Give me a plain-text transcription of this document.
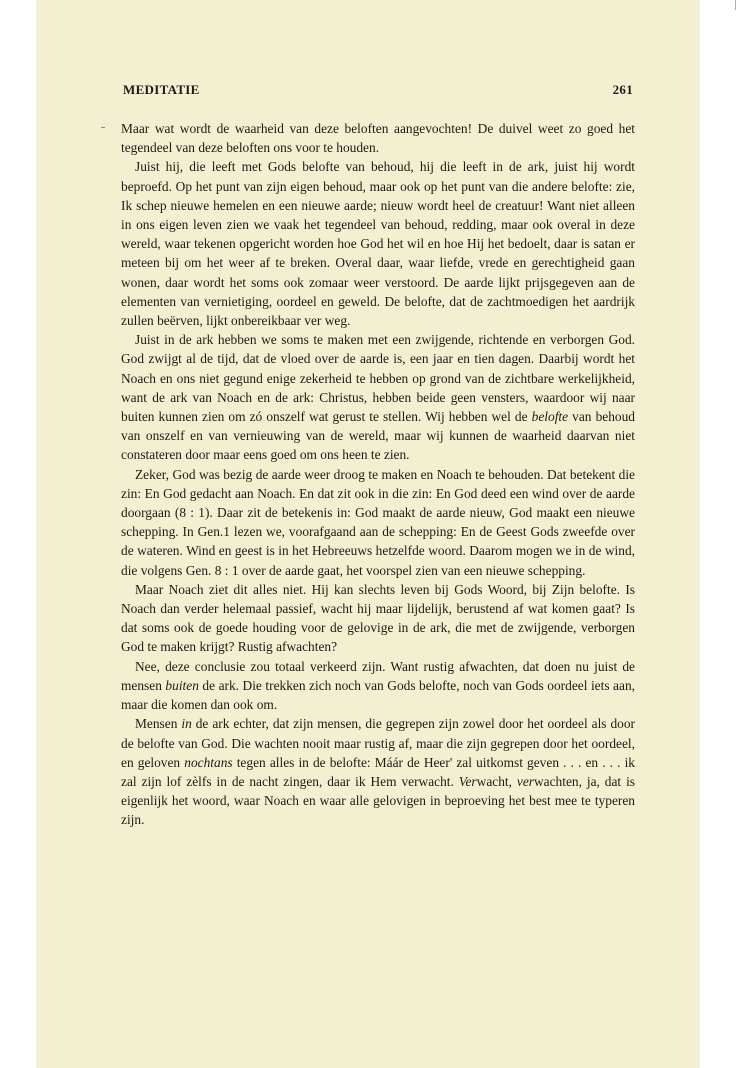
MEDITATIE	261

Maar wat wordt de waarheid van deze beloften aangevochten! De duivel weet zo goed het tegendeel van deze beloften ons voor te houden.

Juist hij, die leeft met Gods belofte van behoud, hij die leeft in de ark, juist hij wordt beproefd. Op het punt van zijn eigen behoud, maar ook op het punt van die andere belofte: zie, Ik schep nieuwe hemelen en een nieuwe aarde; nieuw wordt heel de creatuur! Want niet alleen in ons eigen leven zien we vaak het tegendeel van behoud, redding, maar ook overal in deze wereld, waar tekenen opgericht worden hoe God het wil en hoe Hij het bedoelt, daar is satan er meteen bij om het weer af te breken. Overal daar, waar liefde, vrede en gerechtigheid gaan wonen, daar wordt het soms ook zomaar weer verstoord. De aarde lijkt prijsgegeven aan de elementen van vernietiging, oordeel en geweld. De belofte, dat de zachtmoedigen het aardrijk zullen beërven, lijkt onbereikbaar ver weg.

Juist in de ark hebben we soms te maken met een zwijgende, richtende en verborgen God. God zwijgt al de tijd, dat de vloed over de aarde is, een jaar en tien dagen. Daarbij wordt het Noach en ons niet gegund enige zekerheid te hebben op grond van de zichtbare werkelijkheid, want de ark van Noach en de ark: Christus, hebben beide geen vensters, waardoor wij naar buiten kunnen zien om zó onszelf wat gerust te stellen. Wij hebben wel de belofte van behoud van onszelf en van vernieuwing van de wereld, maar wij kunnen de waarheid daarvan niet constateren door maar eens goed om ons heen te zien.

Zeker, God was bezig de aarde weer droog te maken en Noach te behouden. Dat betekent die zin: En God gedacht aan Noach. En dat zit ook in die zin: En God deed een wind over de aarde doorgaan (8 : 1). Daar zit de betekenis in: God maakt de aarde nieuw, God maakt een nieuwe schepping. In Gen.1 lezen we, voorafgaand aan de schepping: En de Geest Gods zweefde over de wateren. Wind en geest is in het Hebreeuws hetzelfde woord. Daarom mogen we in de wind, die volgens Gen. 8 : 1 over de aarde gaat, het voorspel zien van een nieuwe schepping.

Maar Noach ziet dit alles niet. Hij kan slechts leven bij Gods Woord, bij Zijn belofte. Is Noach dan verder helemaal passief, wacht hij maar lijdelijk, berustend af wat komen gaat? Is dat soms ook de goede houding voor de gelovige in de ark, die met de zwijgende, verborgen God te maken krijgt? Rustig afwachten?

Nee, deze conclusie zou totaal verkeerd zijn. Want rustig afwachten, dat doen nu juist de mensen buiten de ark. Die trekken zich noch van Gods belofte, noch van Gods oordeel iets aan, maar die komen dan ook om.

Mensen in de ark echter, dat zijn mensen, die gegrepen zijn zowel door het oordeel als door de belofte van God. Die wachten nooit maar rustig af, maar die zijn gegrepen door het oordeel, en geloven nochtans tegen alles in de belofte: Máár de Heer' zal uitkomst geven . . . en . . . ik zal zijn lof zèlfs in de nacht zingen, daar ik Hem verwacht. Verwacht, verwachten, ja, dat is eigenlijk het woord, waar Noach en waar alle gelovigen in beproeving het best mee te typeren zijn.
